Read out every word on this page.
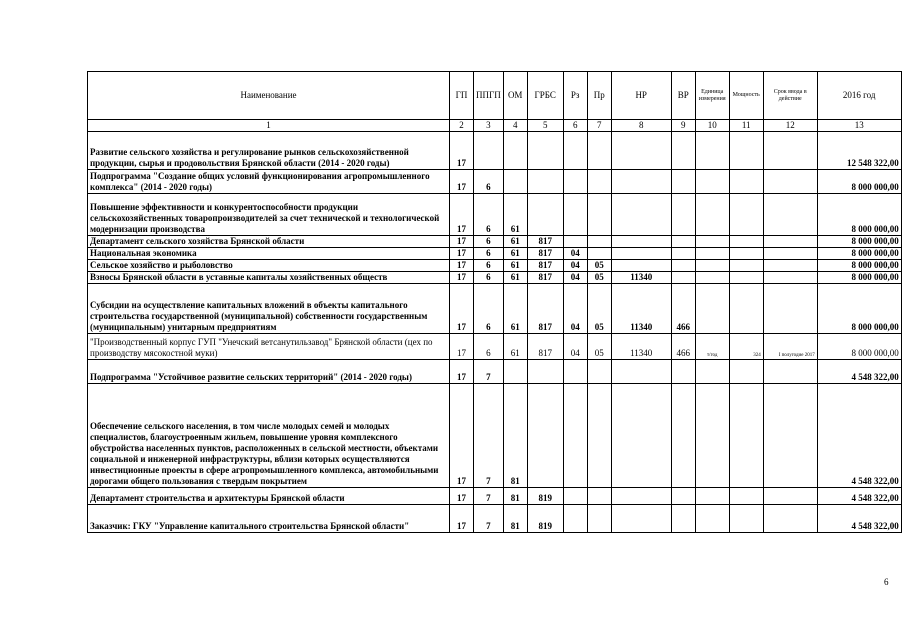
Наименование	ГП	ППГП	ОМ	ГРБС	Рз	Пр	НР	ВР	Единица измерения	Мощность	Срок ввода в действие	2016 год
1	2	3	4	5	6	7	8	9	10	11	12	13
Развитие сельского хозяйства и регулирование рынков сельскохозяйственной продукции, сырья и продовольствия Брянской области (2014 - 2020 годы)	17											12 548 322,00
Подпрограмма "Создание общих условий функционирования агропромышленного комплекса" (2014 - 2020 годы)	17	6										8 000 000,00
Повышение эффективности и конкурентоспособности продукции сельскохозяйственных товаропроизводителей за счет технической и технологической модернизации производства	17	6	61									8 000 000,00
Департамент сельского хозяйства Брянской области	17	6	61	817								8 000 000,00
Национальная экономика	17	6	61	817	04							8 000 000,00
Сельское хозяйство и рыболовство	17	6	61	817	04	05						8 000 000,00
Взносы Брянской области в уставные капиталы хозяйственных обществ	17	6	61	817	04	05	11340					8 000 000,00
Субсидии на осуществление капитальных вложений в объекты капитального строительства государственной (муниципальной) собственности государственным (муниципальным) унитарным предприятиям	17	6	61	817	04	05	11340	466				8 000 000,00
"Производственный корпус ГУП "Унечский ветсанутильзавод" Брянской области (цех по производству мясокостной муки)	17	6	61	817	04	05	11340	466	т/год	324	I полугодие 2017	8 000 000,00
Подпрограмма "Устойчивое развитие сельских территорий" (2014 - 2020 годы)	17	7										4 548 322,00
Обеспечение сельского населения, в том числе молодых семей и молодых специалистов, благоустроенным жильем, повышение уровня комплексного обустройства населенных пунктов, расположенных в сельской местности, объектами социальной и инженерной инфраструктуры, вблизи которых осуществляются инвестиционные проекты в сфере агропромышленного комплекса, автомобильными дорогами общего пользования с твердым покрытием	17	7	81									4 548 322,00
Департамент строительства и архитектуры Брянской области	17	7	81	819								4 548 322,00
Заказчик: ГКУ "Управление капитального строительства Брянской области"	17	7	81	819								4 548 322,00
6
